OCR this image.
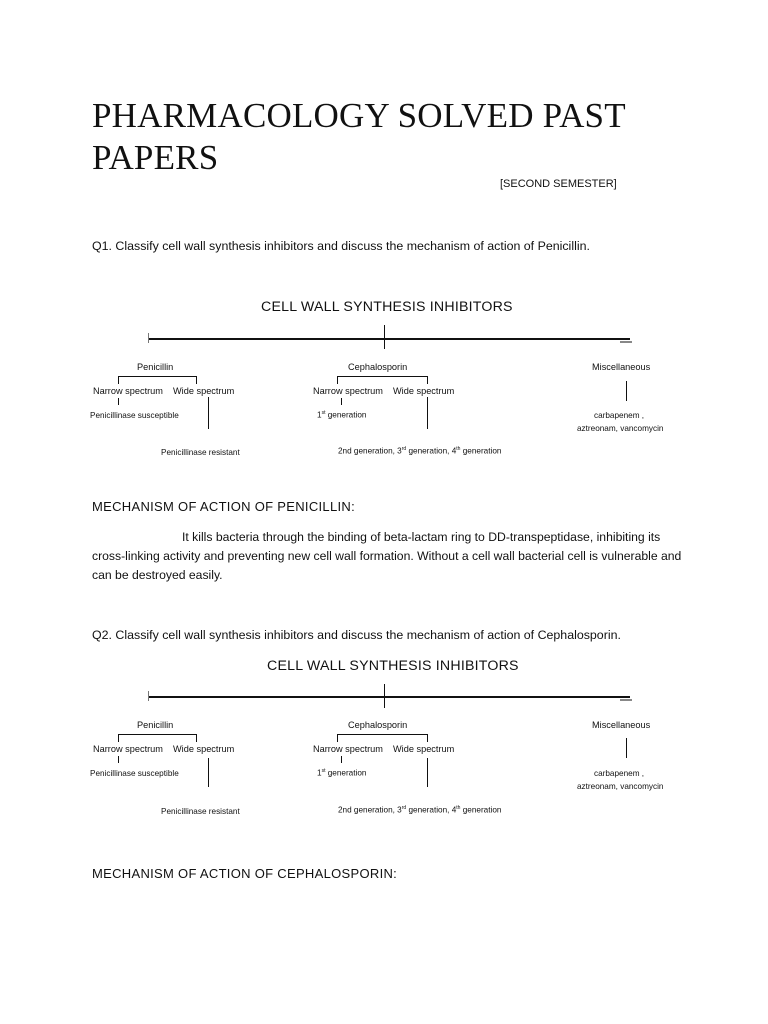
PHARMACOLOGY SOLVED PAST PAPERS
[SECOND SEMESTER]
Q1. Classify cell wall synthesis inhibitors and discuss the mechanism of action of Penicillin.
CELL WALL SYNTHESIS INHIBITORS
Penicillin	Cephalosporin	Miscellaneous
Narrow spectrum Wide spectrum
Penicillinase susceptible
Penicillinase resistant
Narrow spectrum Wide spectrum
1st generation
2nd generation, 3rd generation, 4th generation
carbapenem ,
aztreonam, vancomycin
MECHANISM OF ACTION OF PENICILLIN:
It kills bacteria through the binding of beta-lactam ring to DD-transpeptidase, inhibiting its cross-linking activity and preventing new cell wall formation. Without a cell wall bacterial cell is vulnerable and can be destroyed easily.
Q2. Classify cell wall synthesis inhibitors and discuss the mechanism of action of Cephalosporin.
CELL WALL SYNTHESIS INHIBITORS
Penicillin	Cephalosporin	Miscellaneous
Narrow spectrum Wide spectrum
Penicillinase susceptible
Penicillinase resistant
Narrow spectrum Wide spectrum
1st generation
2nd generation, 3rd generation, 4th generation
carbapenem ,
aztreonam, vancomycin
MECHANISM OF ACTION OF CEPHALOSPORIN:
